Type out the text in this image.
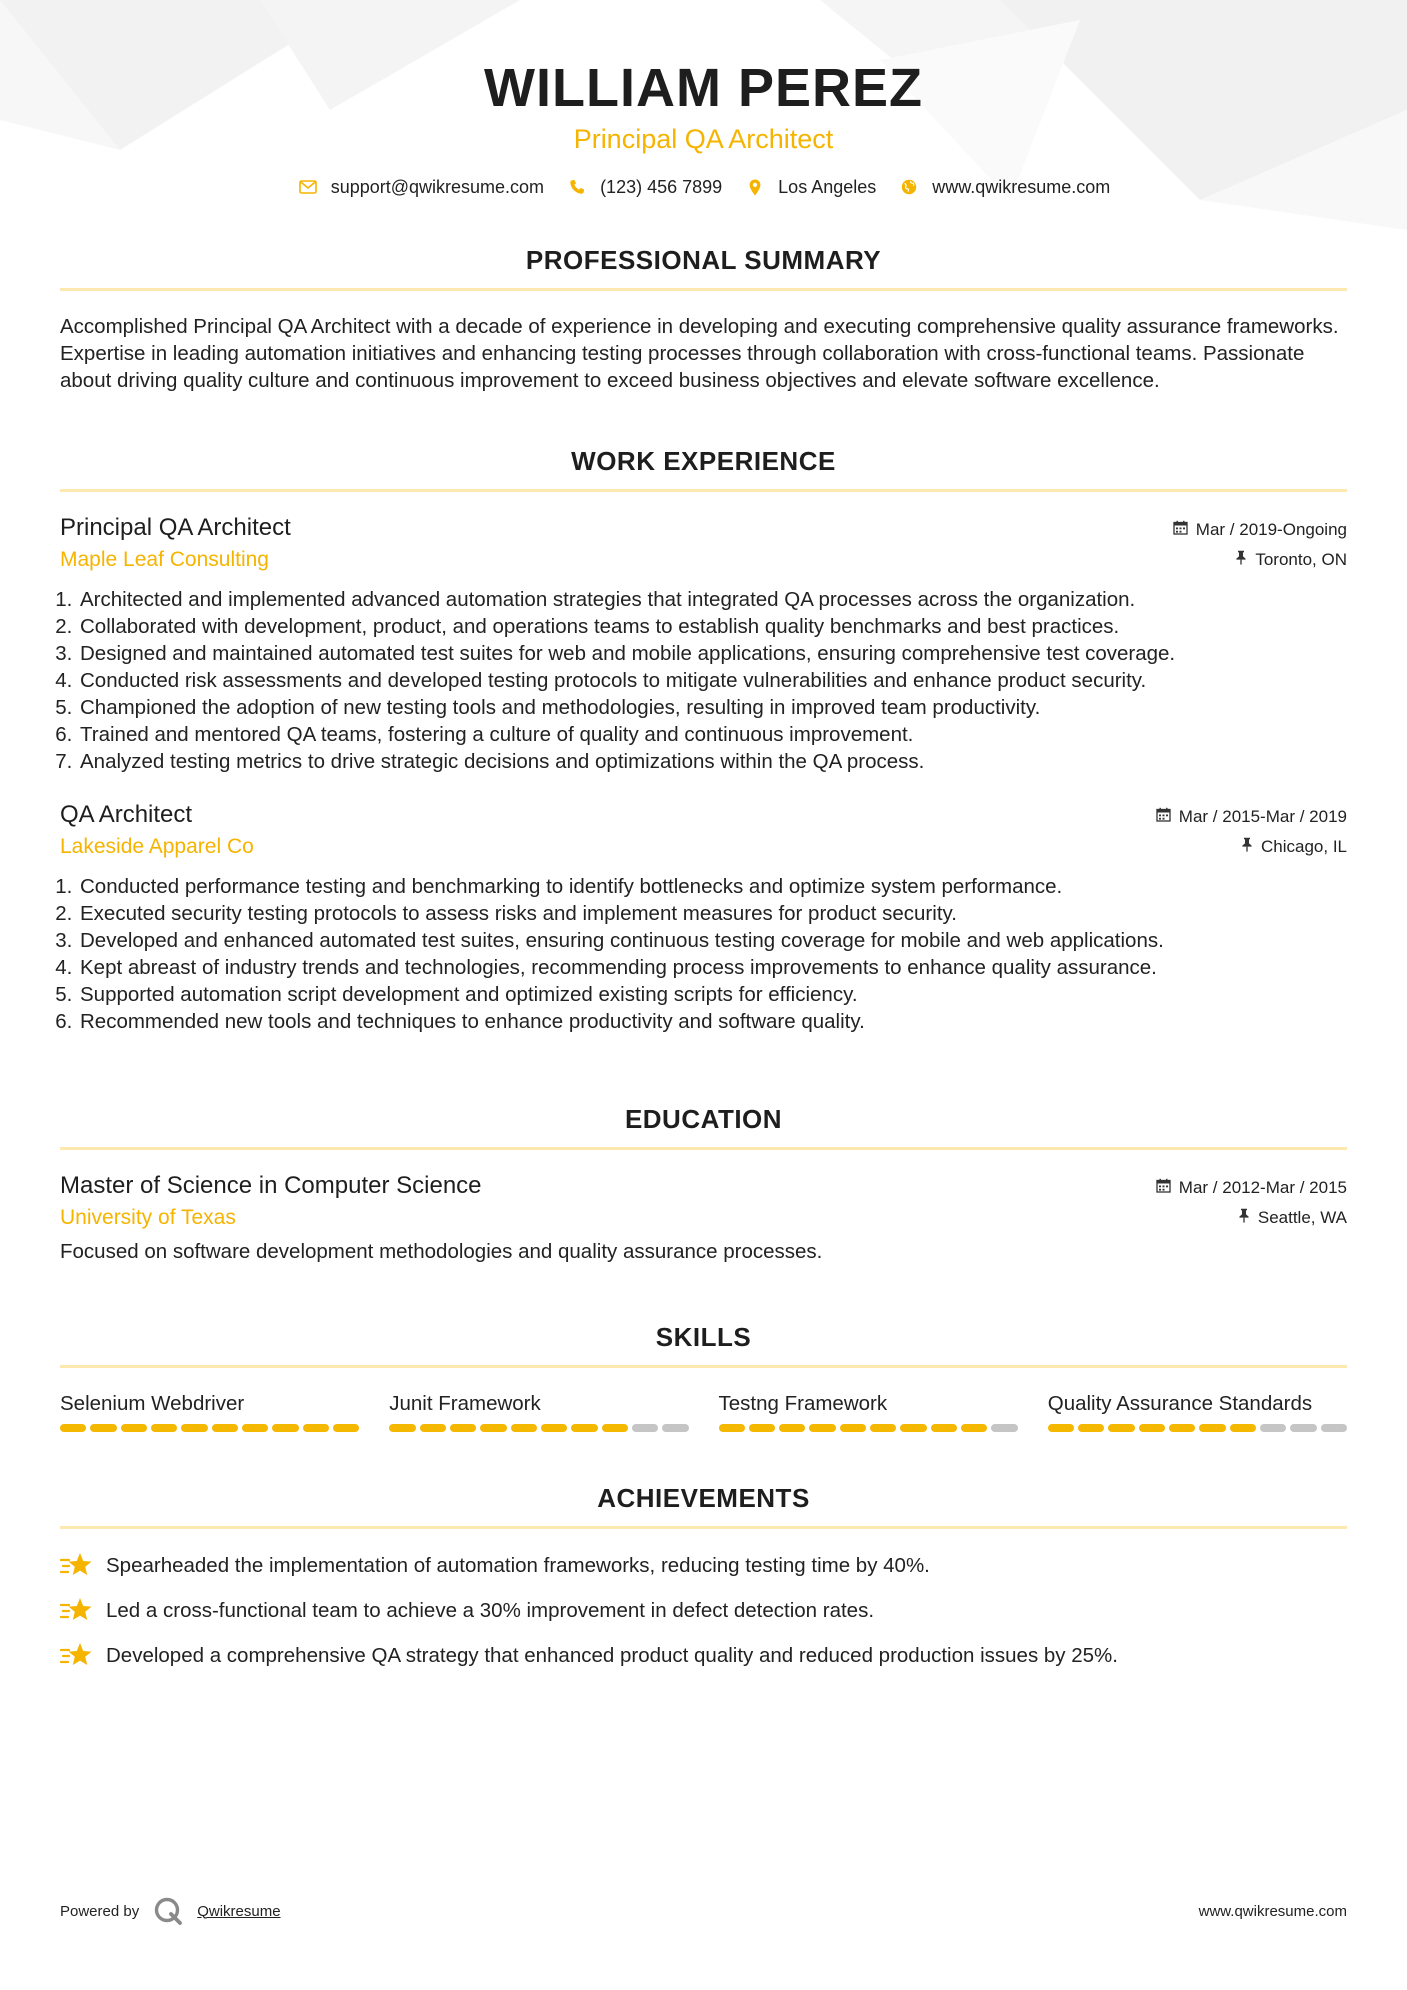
WILLIAM PEREZ
Principal QA Architect
support@qwikresume.com	(123) 456 7899	Los Angeles	www.qwikresume.com
PROFESSIONAL SUMMARY
Accomplished Principal QA Architect with a decade of experience in developing and executing comprehensive quality assurance frameworks. Expertise in leading automation initiatives and enhancing testing processes through collaboration with cross-functional teams. Passionate about driving quality culture and continuous improvement to exceed business objectives and elevate software excellence.
WORK EXPERIENCE
Principal QA Architect	Mar / 2019-Ongoing
Maple Leaf Consulting	Toronto, ON
1. Architected and implemented advanced automation strategies that integrated QA processes across the organization.
2. Collaborated with development, product, and operations teams to establish quality benchmarks and best practices.
3. Designed and maintained automated test suites for web and mobile applications, ensuring comprehensive test coverage.
4. Conducted risk assessments and developed testing protocols to mitigate vulnerabilities and enhance product security.
5. Championed the adoption of new testing tools and methodologies, resulting in improved team productivity.
6. Trained and mentored QA teams, fostering a culture of quality and continuous improvement.
7. Analyzed testing metrics to drive strategic decisions and optimizations within the QA process.
QA Architect	Mar / 2015-Mar / 2019
Lakeside Apparel Co	Chicago, IL
1. Conducted performance testing and benchmarking to identify bottlenecks and optimize system performance.
2. Executed security testing protocols to assess risks and implement measures for product security.
3. Developed and enhanced automated test suites, ensuring continuous testing coverage for mobile and web applications.
4. Kept abreast of industry trends and technologies, recommending process improvements to enhance quality assurance.
5. Supported automation script development and optimized existing scripts for efficiency.
6. Recommended new tools and techniques to enhance productivity and software quality.
EDUCATION
Master of Science in Computer Science	Mar / 2012-Mar / 2015
University of Texas	Seattle, WA
Focused on software development methodologies and quality assurance processes.
SKILLS
Selenium Webdriver	Junit Framework	Testng Framework	Quality Assurance Standards
ACHIEVEMENTS
Spearheaded the implementation of automation frameworks, reducing testing time by 40%.
Led a cross-functional team to achieve a 30% improvement in defect detection rates.
Developed a comprehensive QA strategy that enhanced product quality and reduced production issues by 25%.
Powered by	Qwikresume	www.qwikresume.com
